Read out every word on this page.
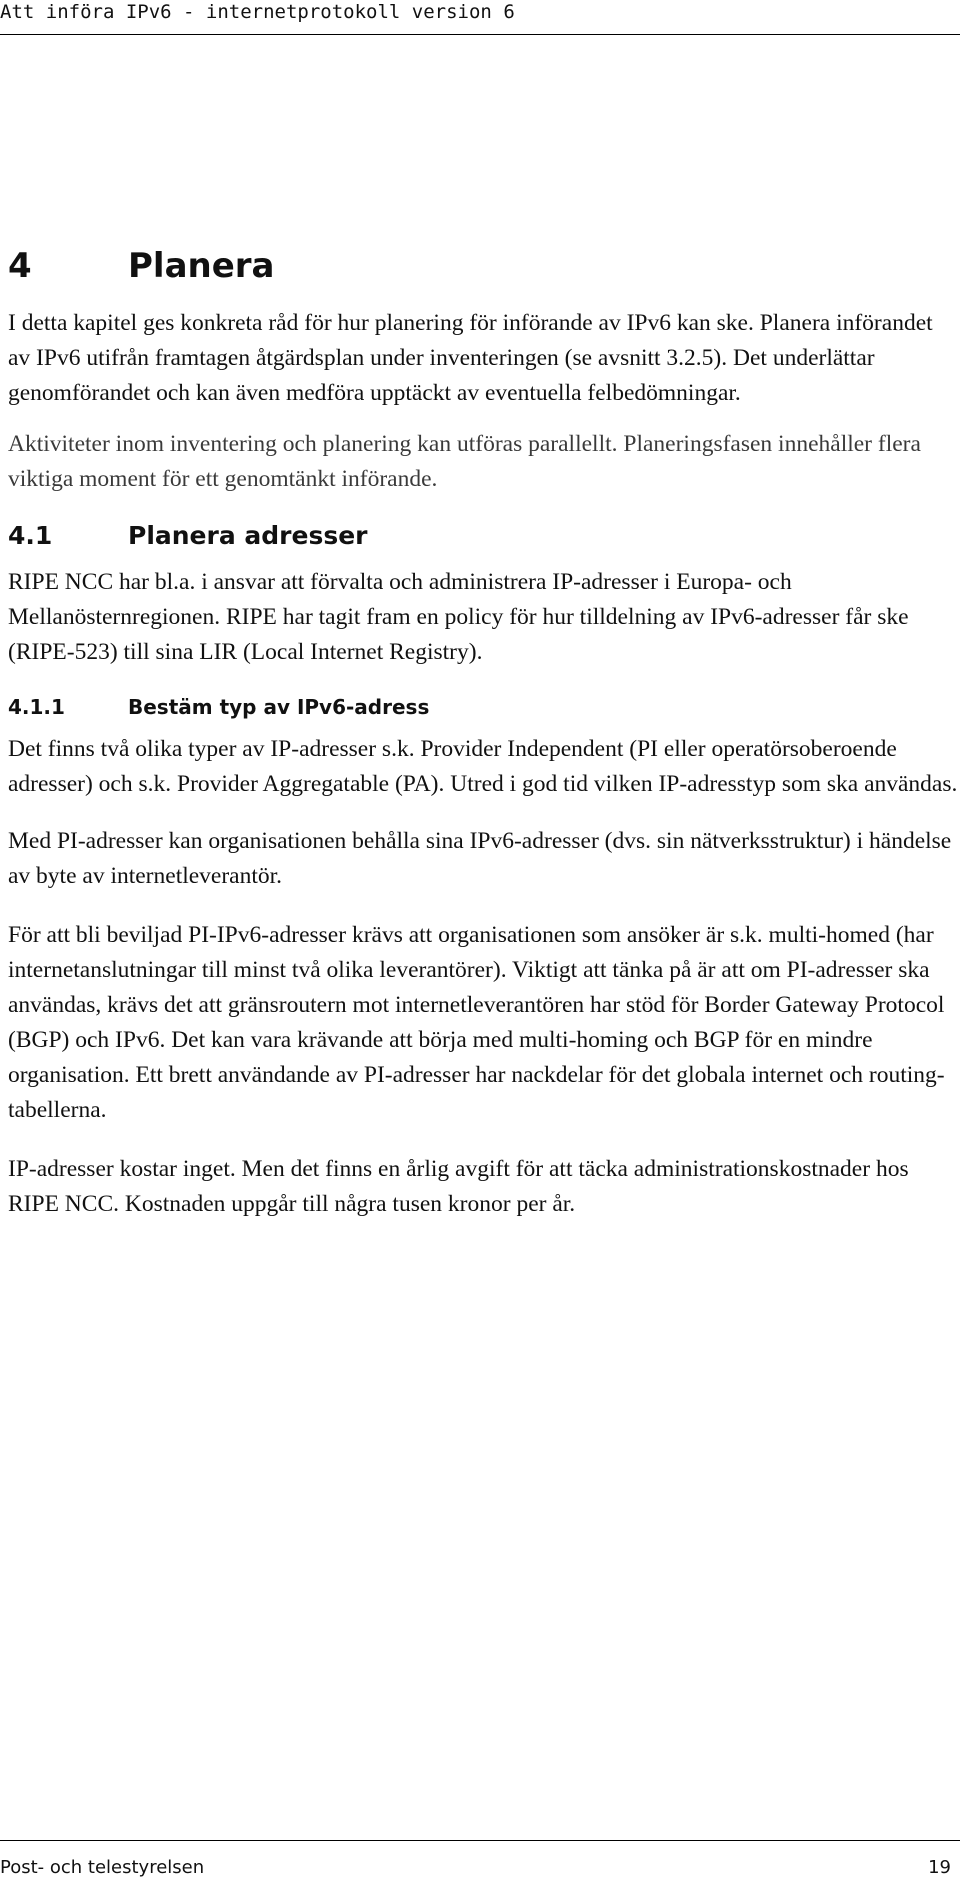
Att införa IPv6 - internetprotokoll version 6
4	Planera

I detta kapitel ges konkreta råd för hur planering för införande av IPv6 kan ske. Planera införandet av IPv6 utifrån framtagen åtgärdsplan under inventeringen (se avsnitt 3.2.5). Det underlättar genomförandet och kan även medföra upptäckt av eventuella felbedömningar.

Aktiviteter inom inventering och planering kan utföras parallellt. Planeringsfasen innehåller flera viktiga moment för ett genomtänkt införande.

4.1	Planera adresser

RIPE NCC har bl.a. i ansvar att förvalta och administrera IP-adresser i Europa- och Mellanösternregionen. RIPE har tagit fram en policy för hur tilldelning av IPv6-adresser får ske (RIPE-523) till sina LIR (Local Internet Registry).

4.1.1	Bestäm typ av IPv6-adress

Det finns två olika typer av IP-adresser s.k. Provider Independent (PI eller operatörsoberoende adresser) och s.k. Provider Aggregatable (PA). Utred i god tid vilken IP-adresstyp som ska användas.

Med PI-adresser kan organisationen behålla sina IPv6-adresser (dvs. sin nätverksstruktur) i händelse av byte av internetleverantör.

För att bli beviljad PI-IPv6-adresser krävs att organisationen som ansöker är s.k. multi-homed (har internetanslutningar till minst två olika leverantörer). Viktigt att tänka på är att om PI-adresser ska användas, krävs det att gränsroutern mot internetleverantören har stöd för Border Gateway Protocol (BGP) och IPv6. Det kan vara krävande att börja med multi-homing och BGP för en mindre organisation. Ett brett användande av PI-adresser har nackdelar för det globala internet och routing-tabellerna.

IP-adresser kostar inget. Men det finns en årlig avgift för att täcka administrationskostnader hos RIPE NCC. Kostnaden uppgår till några tusen kronor per år.

Post- och telestyrelsen	19
